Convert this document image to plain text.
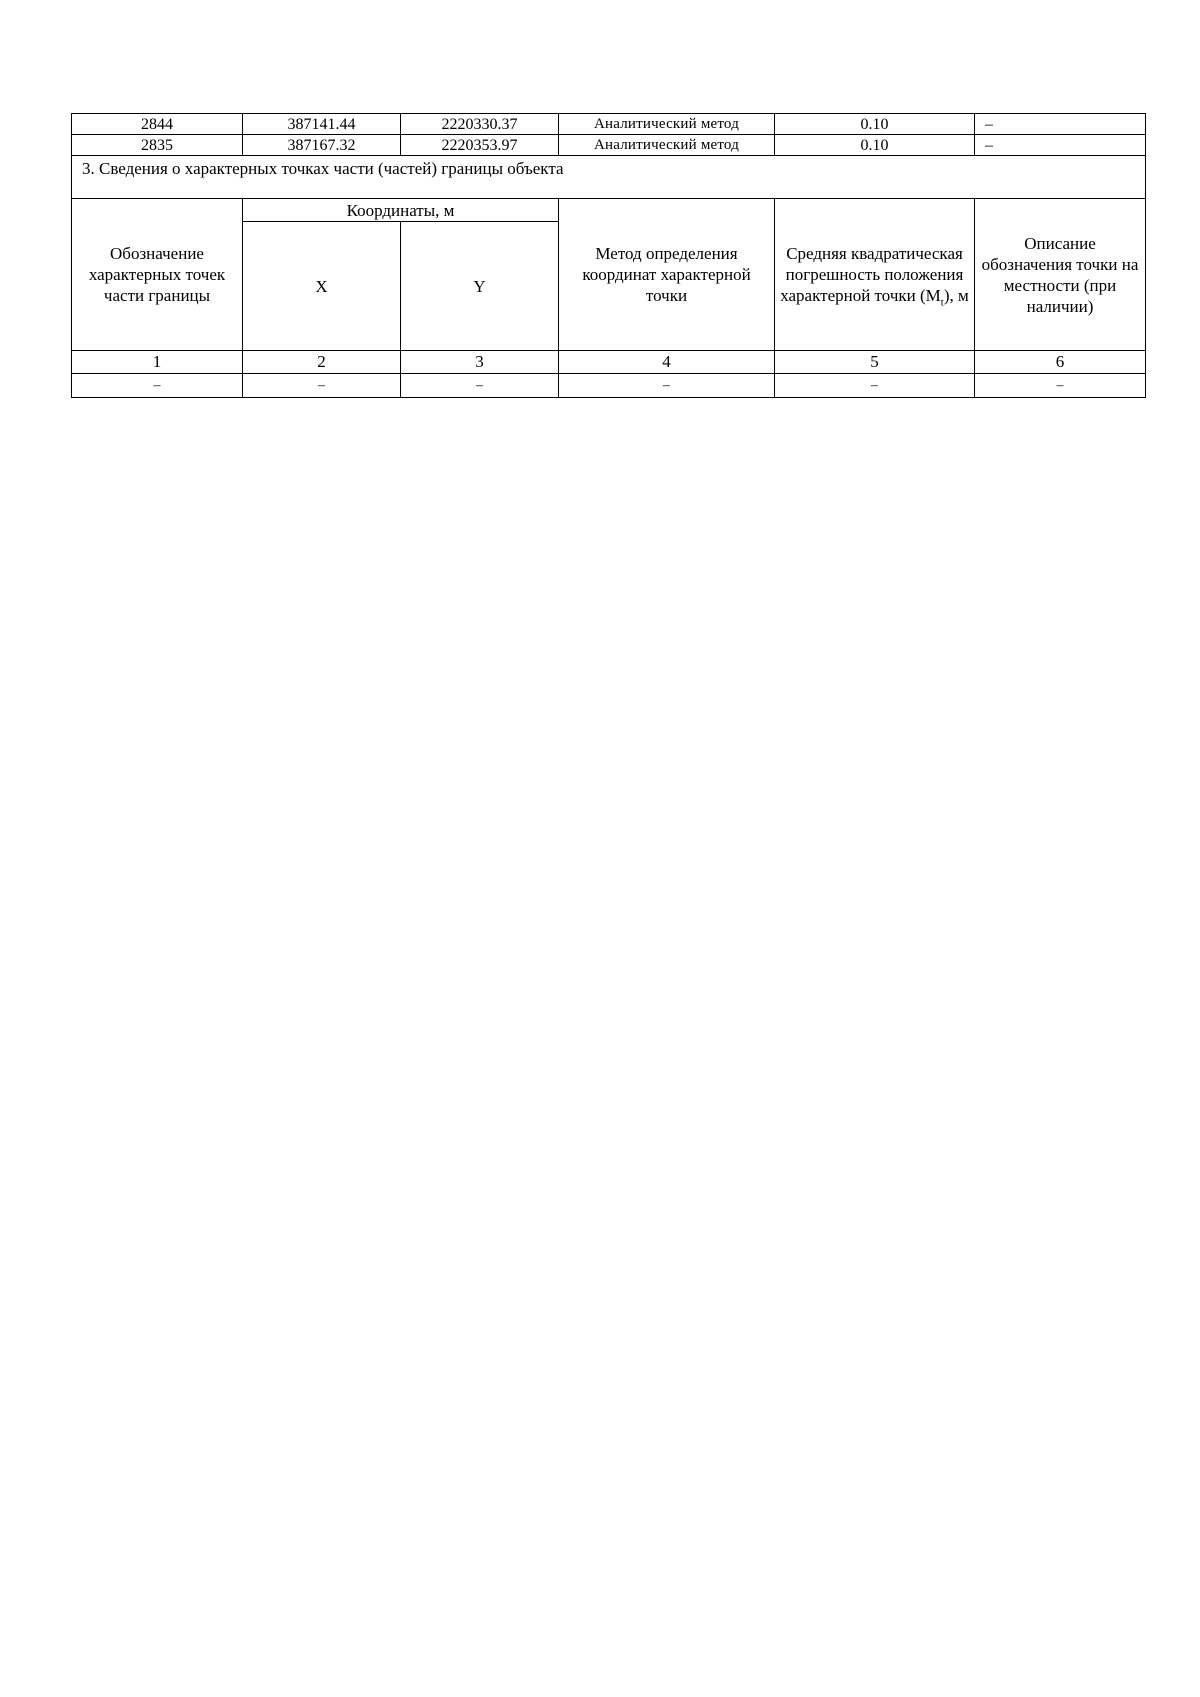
2844	387141.44	2220330.37	Аналитический метод	0.10	–
2835	387167.32	2220353.97	Аналитический метод	0.10	–
3. Сведения о характерных точках части (частей) границы объекта					
Обозначение характерных точек части границы	Координаты, м		Метод определения координат характерной точки	Средняя квадратическая погрешность положения характерной точки $(M_t)$, м	Описание обозначения точки на местности (при наличии)
	X	Y			
1	2	3	4	5	6
–	–	–	–	–	–
